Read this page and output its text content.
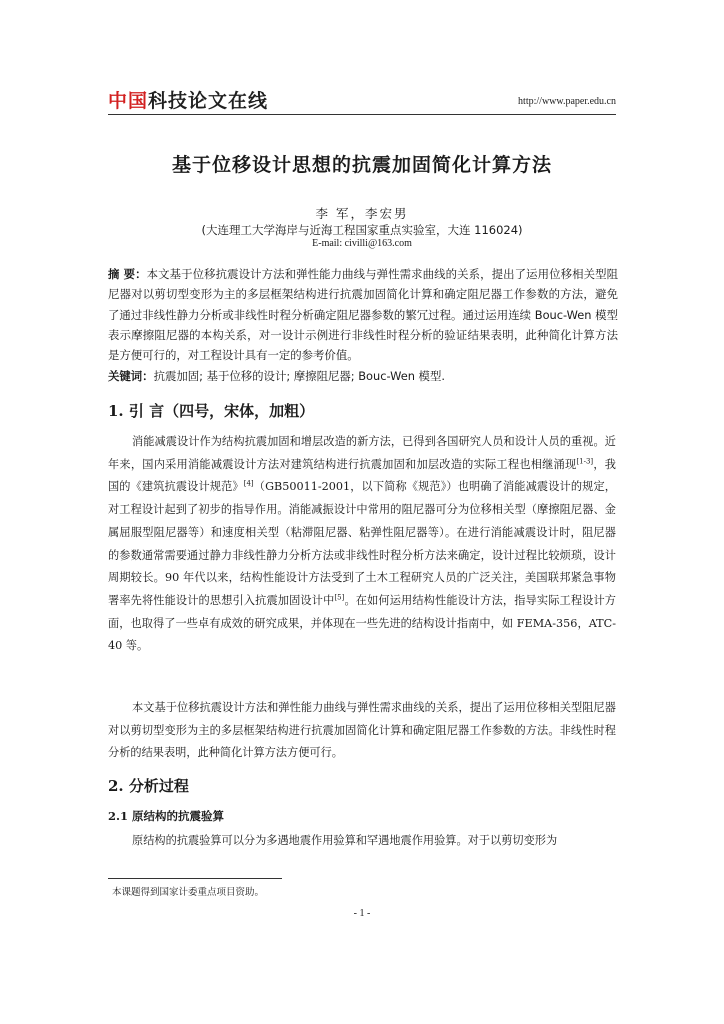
中国科技论文在线	http://www.paper.edu.cn
基于位移设计思想的抗震加固简化计算方法
李 军，李宏男
(大连理工大学海岸与近海工程国家重点实验室，大连 116024)
E-mail: civilli@163.com
摘 要：本文基于位移抗震设计方法和弹性能力曲线与弹性需求曲线的关系，提出了运用位移相关型阻尼器对以剪切型变形为主的多层框架结构进行抗震加固简化计算和确定阻尼器工作参数的方法，避免了通过非线性静力分析或非线性时程分析确定阻尼器参数的繁冗过程。通过运用连续 Bouc-Wen 模型表示摩擦阻尼器的本构关系，对一设计示例进行非线性时程分析的验证结果表明，此种简化计算方法是方便可行的，对工程设计具有一定的参考价值。
关键词：抗震加固; 基于位移的设计; 摩擦阻尼器; Bouc-Wen 模型.
1. 引 言（四号，宋体，加粗）
消能减震设计作为结构抗震加固和增层改造的新方法，已得到各国研究人员和设计人员的重视。近年来，国内采用消能减震设计方法对建筑结构进行抗震加固和加层改造的实际工程也相继涌现[1-3]，我国的《建筑抗震设计规范》[4]（GB50011-2001，以下简称《规范》）也明确了消能减震设计的规定，对工程设计起到了初步的指导作用。消能减振设计中常用的阻尼器可分为位移相关型（摩擦阻尼器、金属屈服型阻尼器等）和速度相关型（粘滞阻尼器、粘弹性阻尼器等）。在进行消能减震设计时，阻尼器的参数通常需要通过静力非线性静力分析方法或非线性时程分析方法来确定，设计过程比较烦琐，设计周期较长。90 年代以来，结构性能设计方法受到了土木工程研究人员的广泛关注，美国联邦紧急事物署率先将性能设计的思想引入抗震加固设计中[5]。在如何运用结构性能设计方法，指导实际工程设计方面，也取得了一些卓有成效的研究成果，并体现在一些先进的结构设计指南中，如 FEMA-356，ATC-40 等。
本文基于位移抗震设计方法和弹性能力曲线与弹性需求曲线的关系，提出了运用位移相关型阻尼器对以剪切型变形为主的多层框架结构进行抗震加固简化计算和确定阻尼器工作参数的方法。非线性时程分析的结果表明，此种简化计算方法方便可行。
2. 分析过程
2.1 原结构的抗震验算
原结构的抗震验算可以分为多遇地震作用验算和罕遇地震作用验算。对于以剪切变形为
本课题得到国家计委重点项目资助。
- 1 -
